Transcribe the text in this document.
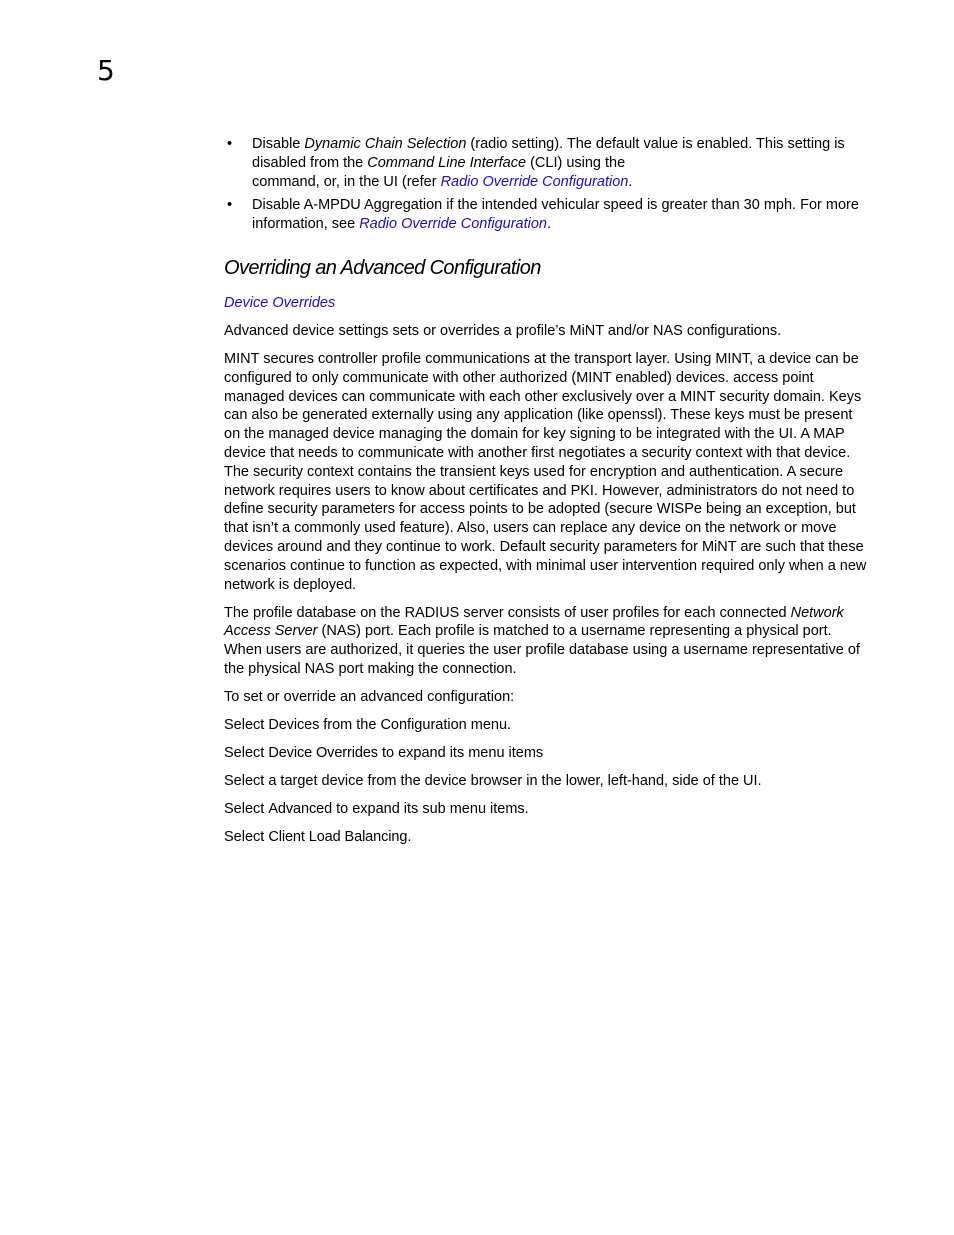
5
• Disable Dynamic Chain Selection (radio setting). The default value is enabled. This setting is disabled from the Command Line Interface (CLI) using the
command, or, in the UI (refer Radio Override Configuration.
• Disable A-MPDU Aggregation if the intended vehicular speed is greater than 30 mph. For more information, see Radio Override Configuration.
Overriding an Advanced Configuration

Device Overrides

Advanced device settings sets or overrides a profile’s MiNT and/or NAS configurations.

MINT secures controller profile communications at the transport layer. Using MINT, a device can be configured to only communicate with other authorized (MINT enabled) devices. access point managed devices can communicate with each other exclusively over a MINT security domain. Keys can also be generated externally using any application (like openssl). These keys must be present on the managed device managing the domain for key signing to be integrated with the UI. A MAP device that needs to communicate with another first negotiates a security context with that device. The security context contains the transient keys used for encryption and authentication. A secure network requires users to know about certificates and PKI. However, administrators do not need to define security parameters for access points to be adopted (secure WISPe being an exception, but that isn’t a commonly used feature). Also, users can replace any device on the network or move devices around and they continue to work. Default security parameters for MiNT are such that these scenarios continue to function as expected, with minimal user intervention required only when a new network is deployed.

The profile database on the RADIUS server consists of user profiles for each connected Network Access Server (NAS) port. Each profile is matched to a username representing a physical port. When users are authorized, it queries the user profile database using a username representative of the physical NAS port making the connection.

To set or override an advanced configuration:

Select Devices from the Configuration menu.

Select Device Overrides to expand its menu items

Select a target device from the device browser in the lower, left-hand, side of the UI.

Select Advanced to expand its sub menu items.

Select Client Load Balancing.
